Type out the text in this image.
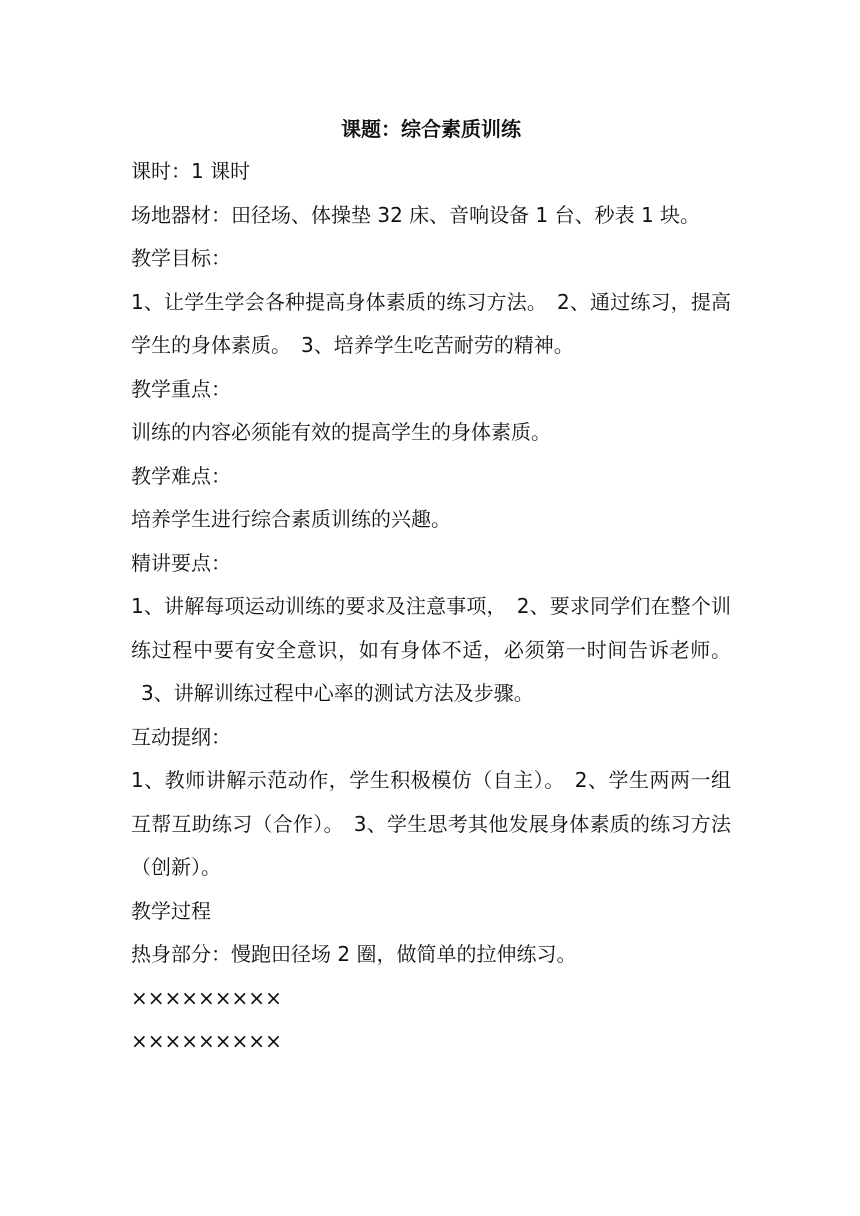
课题：综合素质训练

课时：1 课时

场地器材：田径场、体操垫 32 床、音响设备 1 台、秒表 1 块。

教学目标：

1、让学生学会各种提高身体素质的练习方法。 2、通过练习，提高学生的身体素质。 3、培养学生吃苦耐劳的精神。

教学重点：

训练的内容必须能有效的提高学生的身体素质。

教学难点：

培养学生进行综合素质训练的兴趣。

精讲要点：

1、讲解每项运动训练的要求及注意事项， 2、要求同学们在整个训练过程中要有安全意识，如有身体不适，必须第一时间告诉老师。3、讲解训练过程中心率的测试方法及步骤。

互动提纲：

1、教师讲解示范动作，学生积极模仿（自主）。 2、学生两两一组互帮互助练习（合作）。 3、学生思考其他发展身体素质的练习方法（创新）。

教学过程

热身部分：慢跑田径场 2 圈，做简单的拉伸练习。

×××××××××

×××××××××
